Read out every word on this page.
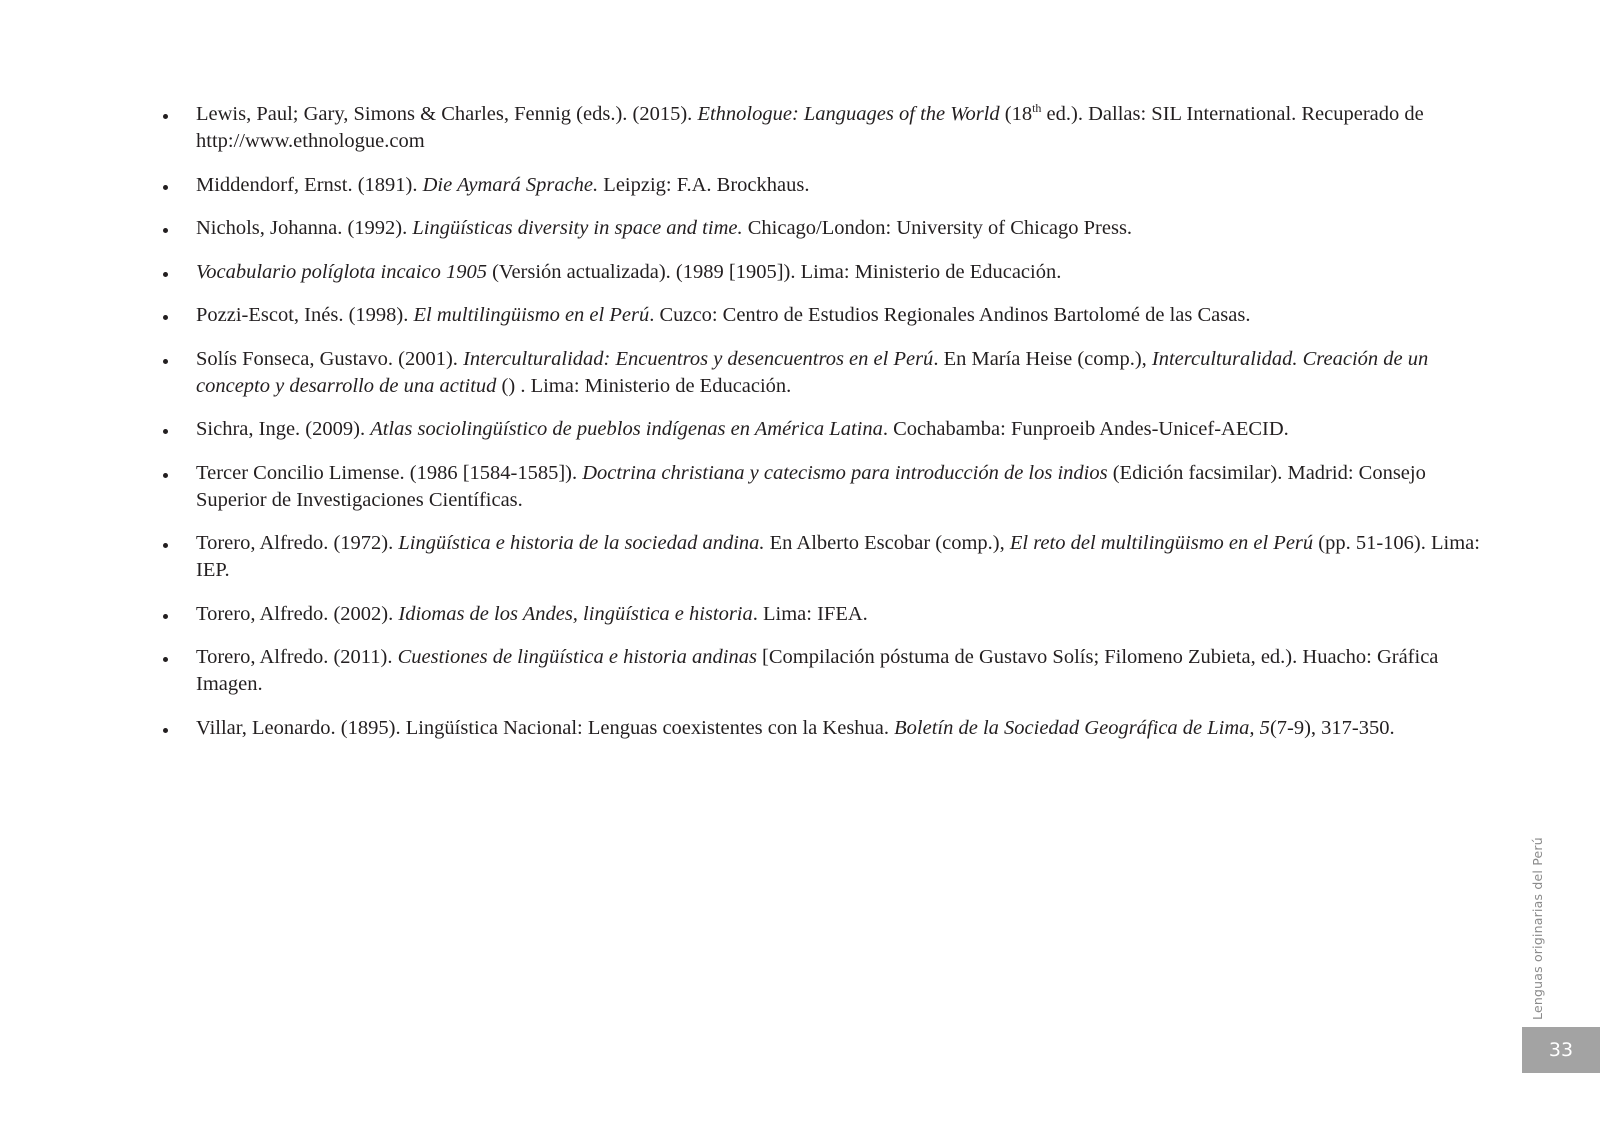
Lewis, Paul; Gary, Simons & Charles, Fennig (eds.). (2015). Ethnologue: Languages of the World (18th ed.). Dallas: SIL International. Recuperado de http://www.ethnologue.com
Middendorf, Ernst. (1891). Die Aymará Sprache. Leipzig: F.A. Brockhaus.
Nichols, Johanna. (1992). Lingüísticas diversity in space and time. Chicago/London: University of Chicago Press.
Vocabulario políglota incaico 1905 (Versión actualizada). (1989 [1905]). Lima: Ministerio de Educación.
Pozzi-Escot, Inés. (1998). El multilingüismo en el Perú. Cuzco: Centro de Estudios Regionales Andinos Bartolomé de las Casas.
Solís Fonseca, Gustavo. (2001). Interculturalidad: Encuentros y desencuentros en el Perú. En María Heise (comp.), Interculturalidad. Creación de un concepto y desarrollo de una actitud () . Lima: Ministerio de Educación.
Sichra, Inge. (2009). Atlas sociolingüístico de pueblos indígenas en América Latina. Cochabamba: Funproeib Andes-Unicef-AECID.
Tercer Concilio Limense. (1986 [1584-1585]). Doctrina christiana y catecismo para introducción de los indios (Edición facsimilar). Madrid: Consejo Superior de Investigaciones Científicas.
Torero, Alfredo. (1972). Lingüística e historia de la sociedad andina. En Alberto Escobar (comp.), El reto del multilingüismo en el Perú (pp. 51-106). Lima: IEP.
Torero, Alfredo. (2002). Idiomas de los Andes, lingüística e historia. Lima: IFEA.
Torero, Alfredo. (2011). Cuestiones de lingüística e historia andinas [Compilación póstuma de Gustavo Solís; Filomeno Zubieta, ed.). Huacho: Gráfica Imagen.
Villar, Leonardo. (1895). Lingüística Nacional: Lenguas coexistentes con la Keshua. Boletín de la Sociedad Geográfica de Lima, 5(7-9), 317-350.
Lenguas originarias del Perú
33
